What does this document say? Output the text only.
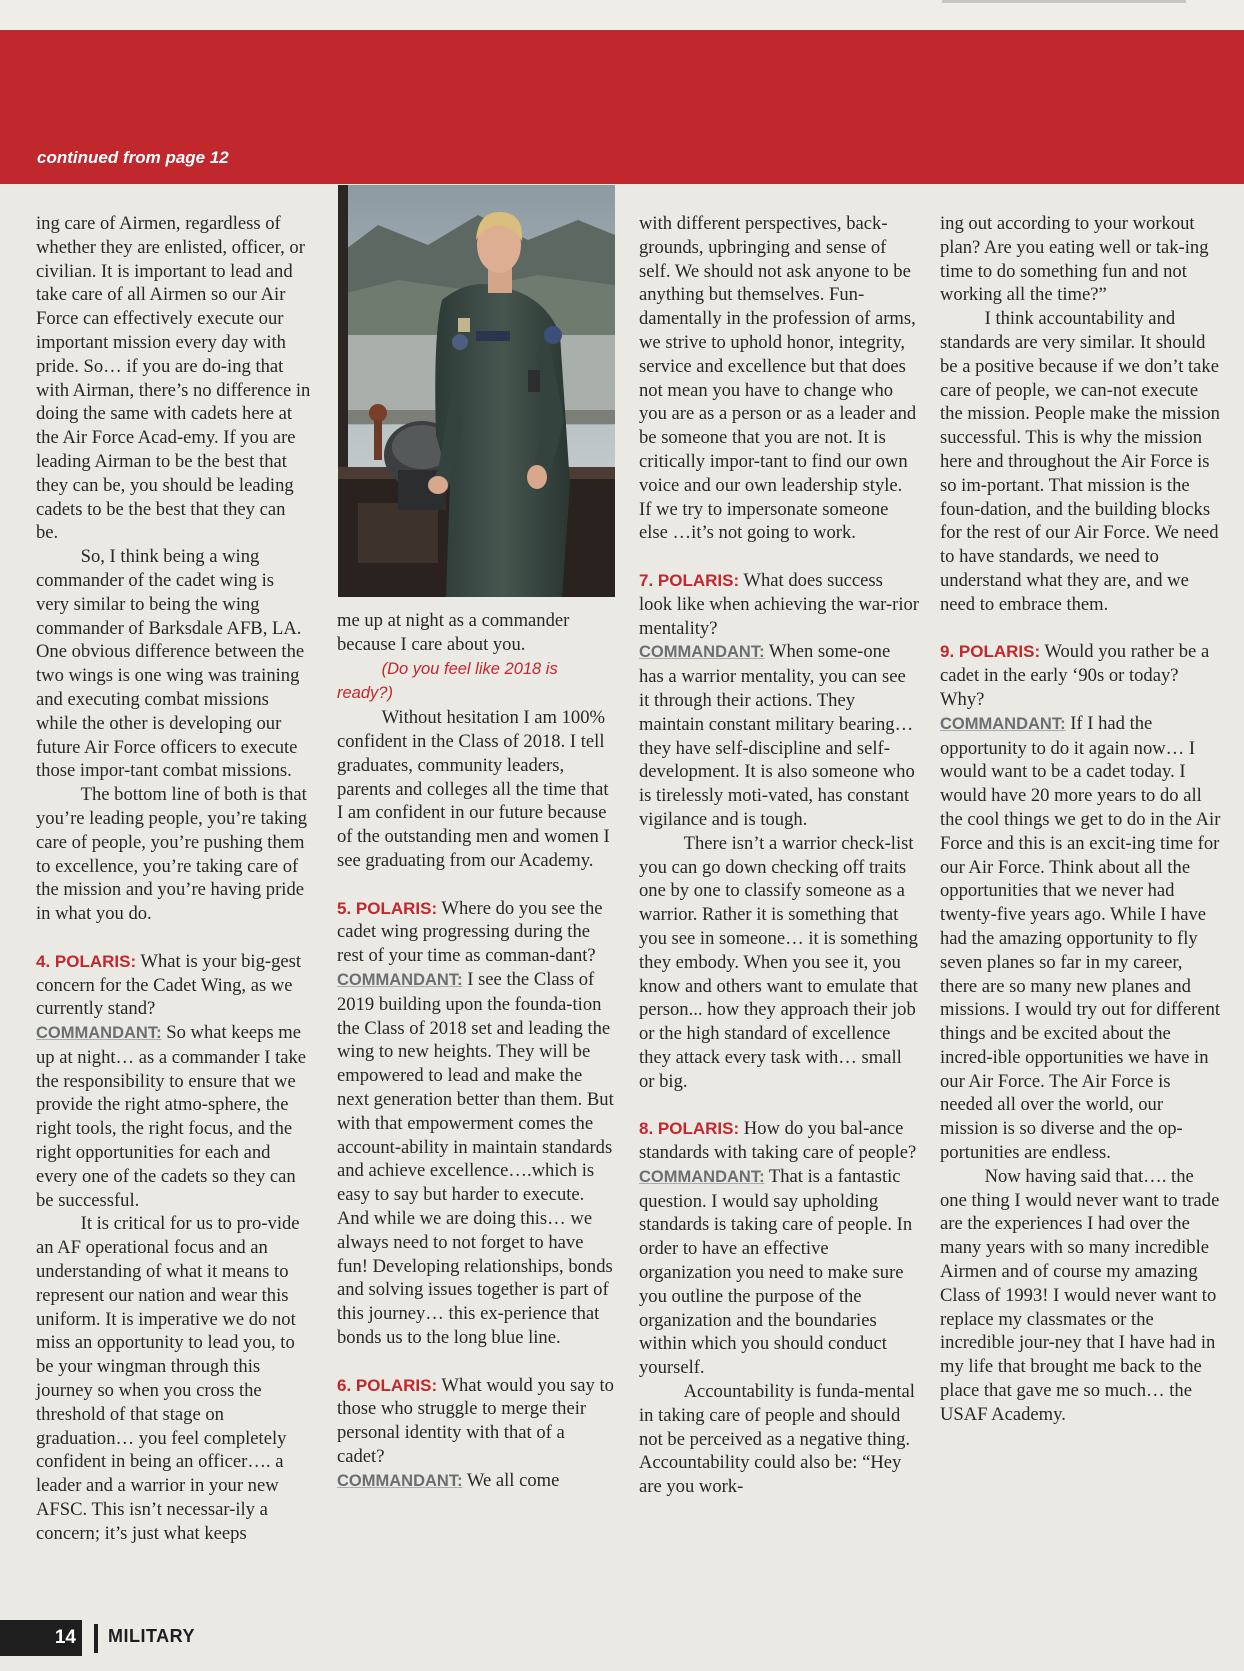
continued from page 12

ing care of Airmen, regardless of whether they are enlisted, officer, or civilian. It is important to lead and take care of all Airmen so our Air Force can effectively execute our important mission every day with pride. So… if you are do-ing that with Airman, there’s no difference in doing the same with cadets here at the Air Force Acad-emy. If you are leading Airman to be the best that they can be, you should be leading cadets to be the best that they can be.

So, I think being a wing commander of the cadet wing is very similar to being the wing commander of Barksdale AFB, LA. One obvious difference between the two wings is one wing was training and executing combat missions while the other is developing our future Air Force officers to execute those impor-tant combat missions.

The bottom line of both is that you’re leading people, you’re taking care of people, you’re pushing them to excellence, you’re taking care of the mission and you’re having pride in what you do.

4. POLARIS: What is your big-gest concern for the Cadet Wing, as we currently stand?

COMMANDANT: So what keeps me up at night… as a commander I take the responsibility to ensure that we provide the right atmo-sphere, the right tools, the right focus, and the right opportunities for each and every one of the cadets so they can be successful.

It is critical for us to pro-vide an AF operational focus and an understanding of what it means to represent our nation and wear this uniform. It is imperative we do not miss an opportunity to lead you, to be your wingman through this journey so when you cross the threshold of that stage on graduation… you feel completely confident in being an officer…. a leader and a warrior in your new AFSC. This isn’t necessar-ily a concern; it’s just what keeps

me up at night as a commander because I care about you.

(Do you feel like 2018 is ready?)

Without hesitation I am 100% confident in the Class of 2018. I tell graduates, community leaders, parents and colleges all the time that I am confident in our future because of the outstanding men and women I see graduating from our Academy.

5. POLARIS: Where do you see the cadet wing progressing during the rest of your time as comman-dant?

COMMANDANT: I see the Class of 2019 building upon the founda-tion the Class of 2018 set and leading the wing to new heights. They will be empowered to lead and make the next generation better than them. But with that empowerment comes the account-ability in maintain standards and achieve excellence….which is easy to say but harder to execute. And while we are doing this… we always need to not forget to have fun! Developing relationships, bonds and solving issues together is part of this journey… this ex-perience that bonds us to the long blue line.

6. POLARIS: What would you say to those who struggle to merge their personal identity with that of a cadet?

COMMANDANT: We all come

with different perspectives, back-grounds, upbringing and sense of self. We should not ask anyone to be anything but themselves. Fun-damentally in the profession of arms, we strive to uphold honor, integrity, service and excellence but that does not mean you have to change who you are as a person or as a leader and be someone that you are not. It is critically impor-tant to find our own voice and our own leadership style. If we try to impersonate someone else …it’s not going to work.

7. POLARIS: What does success look like when achieving the war-rior mentality?

COMMANDANT: When some-one has a warrior mentality, you can see it through their actions. They maintain constant military bearing…they have self-discipline and self-development. It is also someone who is tirelessly moti-vated, has constant vigilance and is tough.

There isn’t a warrior check-list you can go down checking off traits one by one to classify someone as a warrior. Rather it is something that you see in someone… it is something they embody. When you see it, you know and others want to emulate that person... how they approach their job or the high standard of excellence they attack every task with… small or big.

8. POLARIS: How do you bal-ance standards with taking care of people?

COMMANDANT: That is a fantastic question. I would say upholding standards is taking care of people. In order to have an effective organization you need to make sure you outline the purpose of the organization and the boundaries within which you should conduct yourself.

Accountability is funda-mental in taking care of people and should not be perceived as a negative thing. Accountability could also be: “Hey are you work-

ing out according to your workout plan? Are you eating well or tak-ing time to do something fun and not working all the time?”

I think accountability and standards are very similar. It should be a positive because if we don’t take care of people, we can-not execute the mission. People make the mission successful. This is why the mission here and throughout the Air Force is so im-portant. That mission is the foun-dation, and the building blocks for the rest of our Air Force. We need to have standards, we need to understand what they are, and we need to embrace them.

9. POLARIS: Would you rather be a cadet in the early ‘90s or today? Why?

COMMANDANT: If I had the opportunity to do it again now… I would want to be a cadet today. I would have 20 more years to do all the cool things we get to do in the Air Force and this is an excit-ing time for our Air Force. Think about all the opportunities that we never had twenty-five years ago. While I have had the amazing opportunity to fly seven planes so far in my career, there are so many new planes and missions. I would try out for different things and be excited about the incred-ible opportunities we have in our Air Force. The Air Force is needed all over the world, our mission is so diverse and the op-portunities are endless.

Now having said that…. the one thing I would never want to trade are the experiences I had over the many years with so many incredible Airmen and of course my amazing Class of 1993! I would never want to replace my classmates or the incredible jour-ney that I have had in my life that brought me back to the place that gave me so much… the USAF Academy.

14	MILITARY
